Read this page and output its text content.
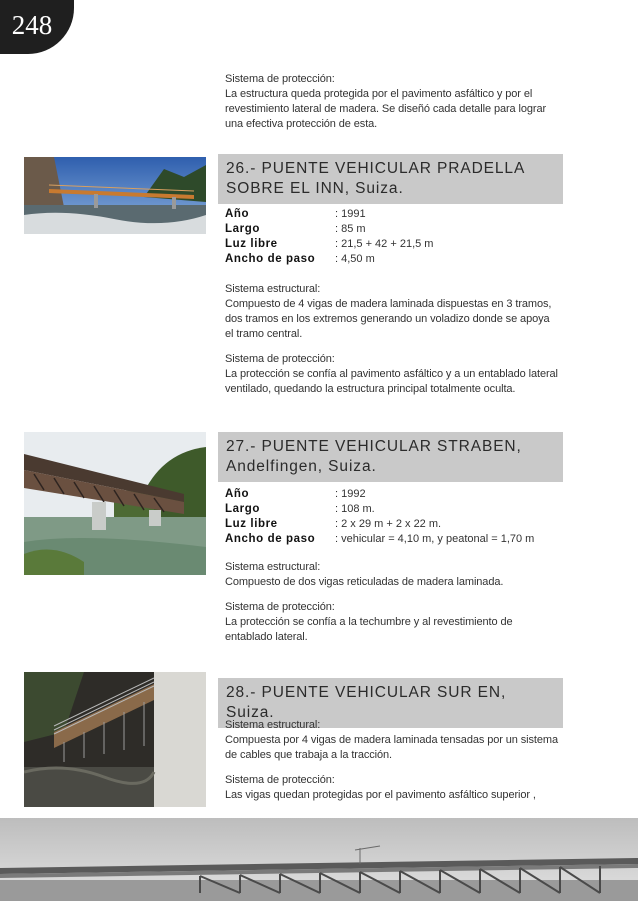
248
Sistema de protección:
La estructura queda protegida por el pavimento asfáltico y por el revestimiento lateral de madera. Se diseñó cada detalle para lograr una efectiva protección de esta.
26.- PUENTE VEHICULAR PRADELLA SOBRE EL INN, Suiza.
Año	: 1991
Largo	: 85 m
Luz libre	: 21,5 + 42 + 21,5 m
Ancho de paso	: 4,50 m
Sistema estructural:
Compuesto de 4 vigas de madera laminada dispuestas en 3 tramos, dos tramos en los extremos generando un voladizo donde se apoya el tramo central.
Sistema de protección:
La protección se confía al pavimento asfáltico y a un entablado lateral ventilado, quedando la estructura principal totalmente oculta.
27.- PUENTE VEHICULAR STRABEN, Andelfingen, Suiza.
Año	: 1992
Largo	: 108 m.
Luz libre	: 2 x 29 m + 2 x 22 m.
Ancho de paso	: vehicular = 4,10 m, y peatonal = 1,70 m
Sistema estructural:
Compuesto de dos vigas reticuladas de madera laminada.
Sistema de protección:
La protección se confía a la techumbre y al revestimiento de entablado lateral.
28.- PUENTE VEHICULAR SUR EN, Suiza.
Sistema estructural:
Compuesta por 4 vigas de madera laminada tensadas por un sistema de cables que trabaja a la tracción.
Sistema de protección:
Las vigas quedan protegidas por el pavimento asfáltico superior ,
